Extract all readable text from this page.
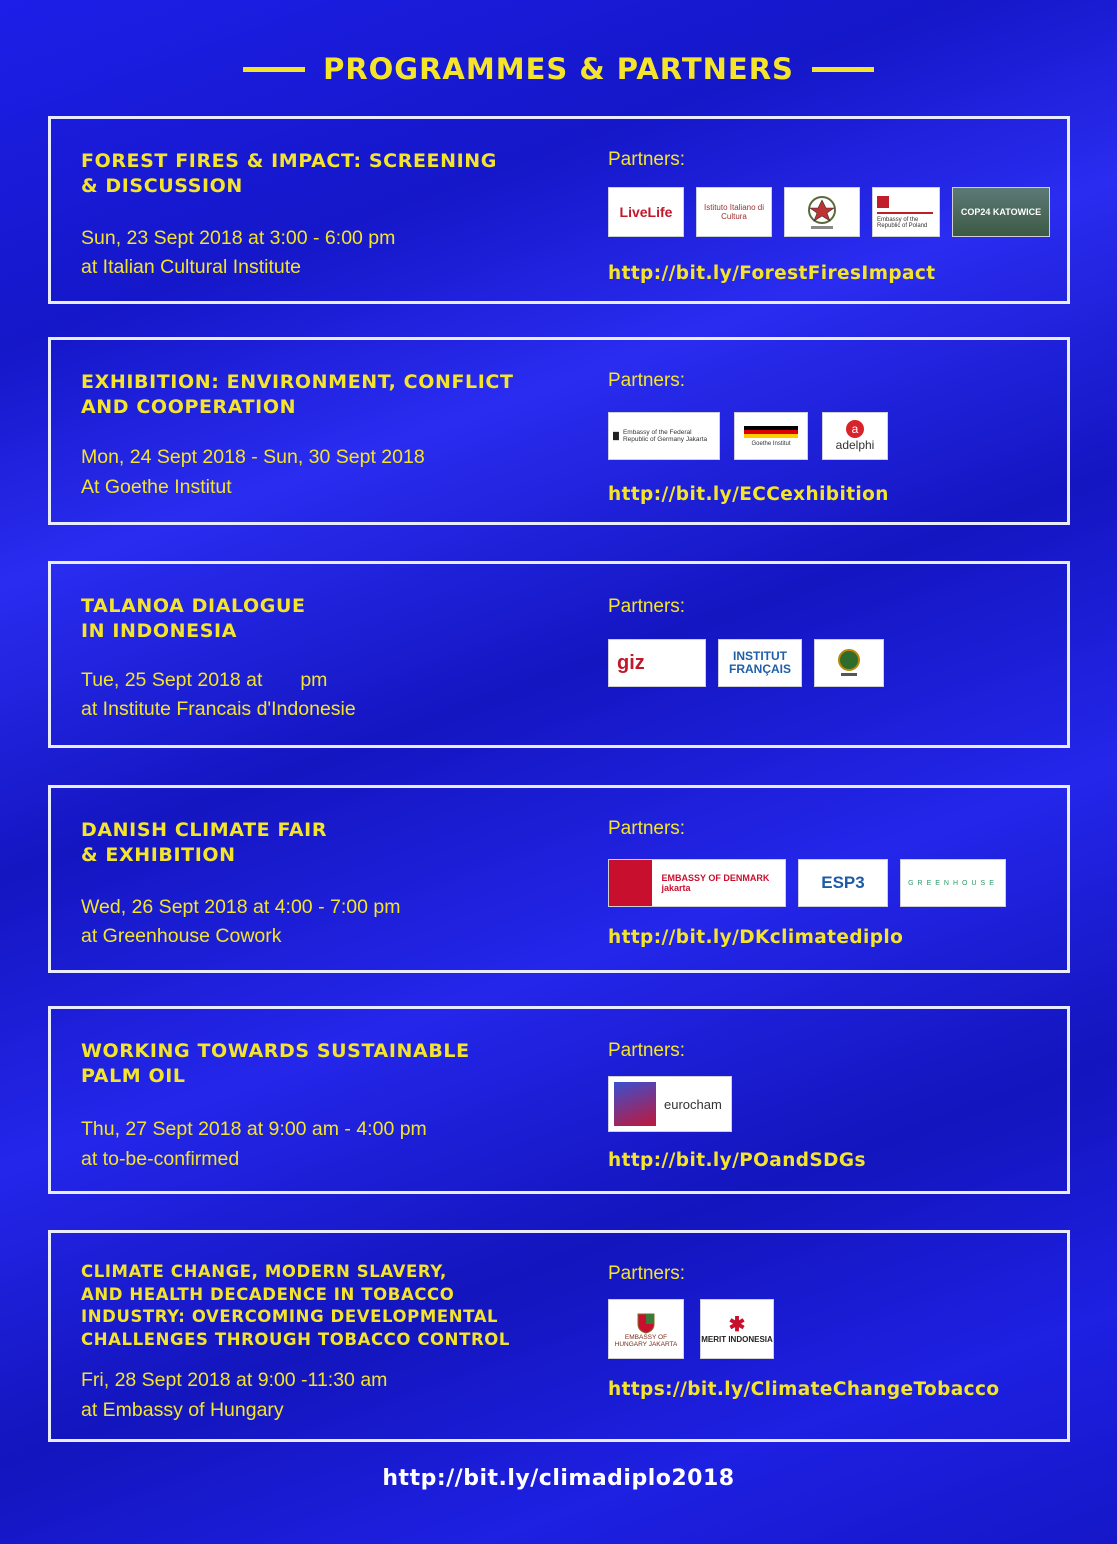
PROGRAMMES & PARTNERS
FOREST FIRES & IMPACT: SCREENING
& DISCUSSION
Sun, 23 Sept 2018 at 3:00 - 6:00 pm
at Italian Cultural Institute
Partners:
LiveLife	Istituto Italiano di Cultura	Embassy of the Republic of Poland
COP24 KATOWICE
http://bit.ly/ForestFiresImpact
EXHIBITION: ENVIRONMENT, CONFLICT
AND COOPERATION
Mon, 24 Sept 2018 - Sun, 30 Sept 2018
At Goethe Institut
Partners:
Embassy of the Federal Republic of Germany Jakarta
Goethe Institut
a
adelphi
http://bit.ly/ECCexhibition
TALANOA DIALOGUE
IN INDONESIA
Tue, 25 Sept 2018 at       pm
at Institute Francais d'Indonesie
Partners:
giz	INSTITUT FRANÇAIS
DANISH CLIMATE FAIR
& EXHIBITION
Wed, 26 Sept 2018 at 4:00 - 7:00 pm
at Greenhouse Cowork
Partners:
EMBASSY OF DENMARK jakarta	ESP3	GREENHOUSE
http://bit.ly/DKclimatediplo
WORKING TOWARDS SUSTAINABLE
PALM OIL
Thu, 27 Sept 2018 at 9:00 am - 4:00 pm
at to-be-confirmed
Partners:
eurocham
http://bit.ly/POandSDGs
CLIMATE CHANGE, MODERN SLAVERY,
AND HEALTH DECADENCE IN TOBACCO
INDUSTRY: OVERCOMING DEVELOPMENTAL
CHALLENGES THROUGH TOBACCO CONTROL
Fri, 28 Sept 2018 at 9:00 -11:30 am
at Embassy of Hungary
Partners:
EMBASSY OF HUNGARY JAKARTA
✱
MERIT INDONESIA
https://bit.ly/ClimateChangeTobacco
http://bit.ly/climadiplo2018
